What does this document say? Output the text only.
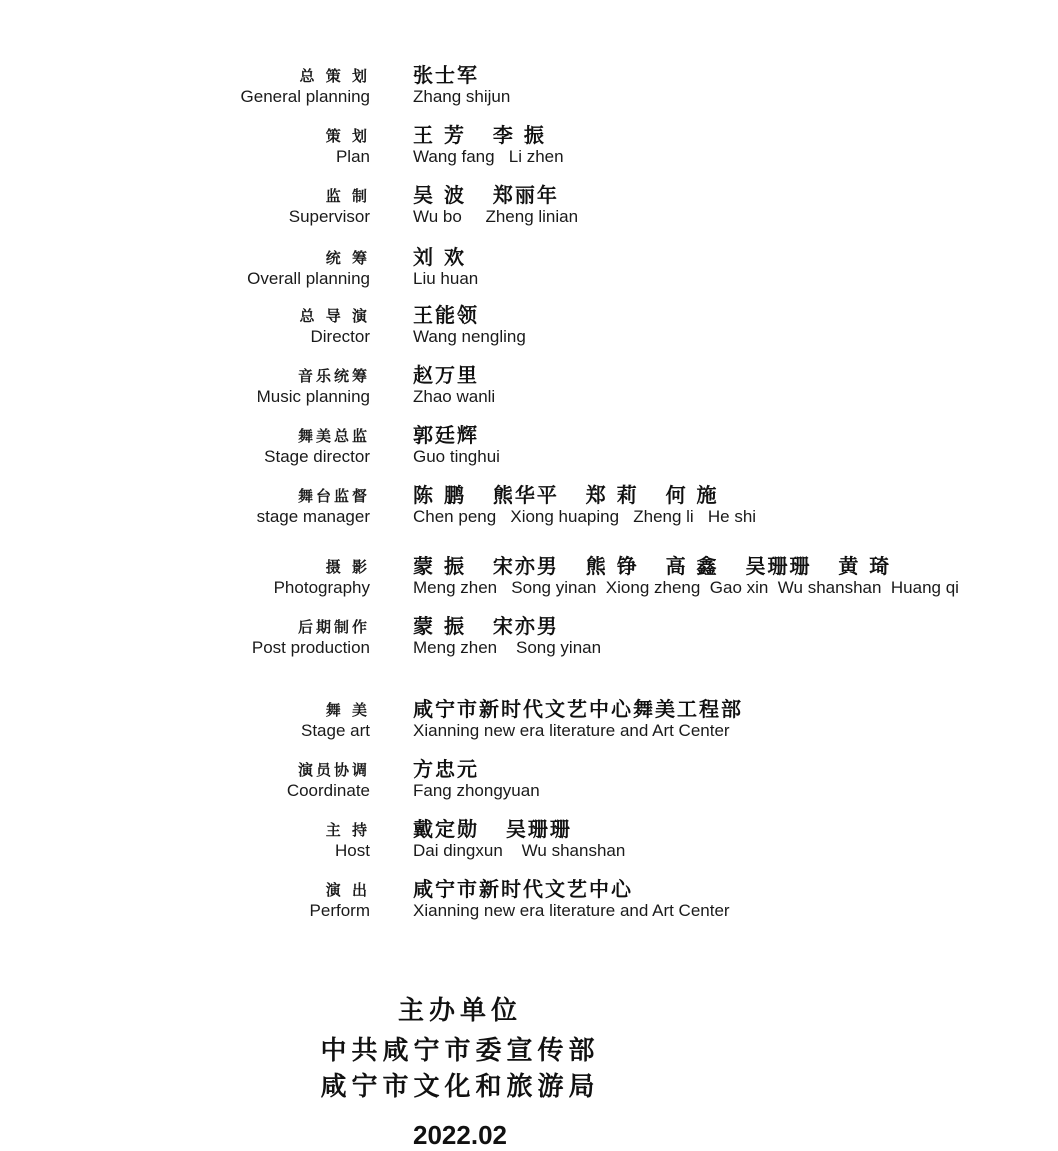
总 策 划
General planning
张士军
Zhang shijun
策 划
Plan
王 芳   李 振
Wang fang   Li zhen
监 制
Supervisor
吴 波   郑丽年
Wu bo     Zheng linian
统 筹
Overall planning
刘 欢
Liu huan
总 导 演
Director
王能领
Wang nengling
音乐统筹
Music planning
赵万里
Zhao wanli
舞美总监
Stage director
郭廷辉
Guo tinghui
舞台监督
stage manager
陈 鹏   熊华平   郑 莉   何 施
Chen peng   Xiong huaping   Zheng li   He shi
摄 影
Photography
蒙 振   宋亦男   熊 铮   高 鑫   吴珊珊   黄 琦
Meng zhen   Song yinan  Xiong zheng  Gao xin  Wu shanshan  Huang qi
后期制作
Post production
蒙 振   宋亦男
Meng zhen    Song yinan
舞 美
Stage art
咸宁市新时代文艺中心舞美工程部
Xianning new era literature and Art Center
演员协调
Coordinate
方忠元
Fang zhongyuan
主 持
Host
戴定勋   吴珊珊
Dai dingxun    Wu shanshan
演 出
Perform
咸宁市新时代文艺中心
Xianning new era literature and Art Center
主办单位
中共咸宁市委宣传部
咸宁市文化和旅游局
2022.02
